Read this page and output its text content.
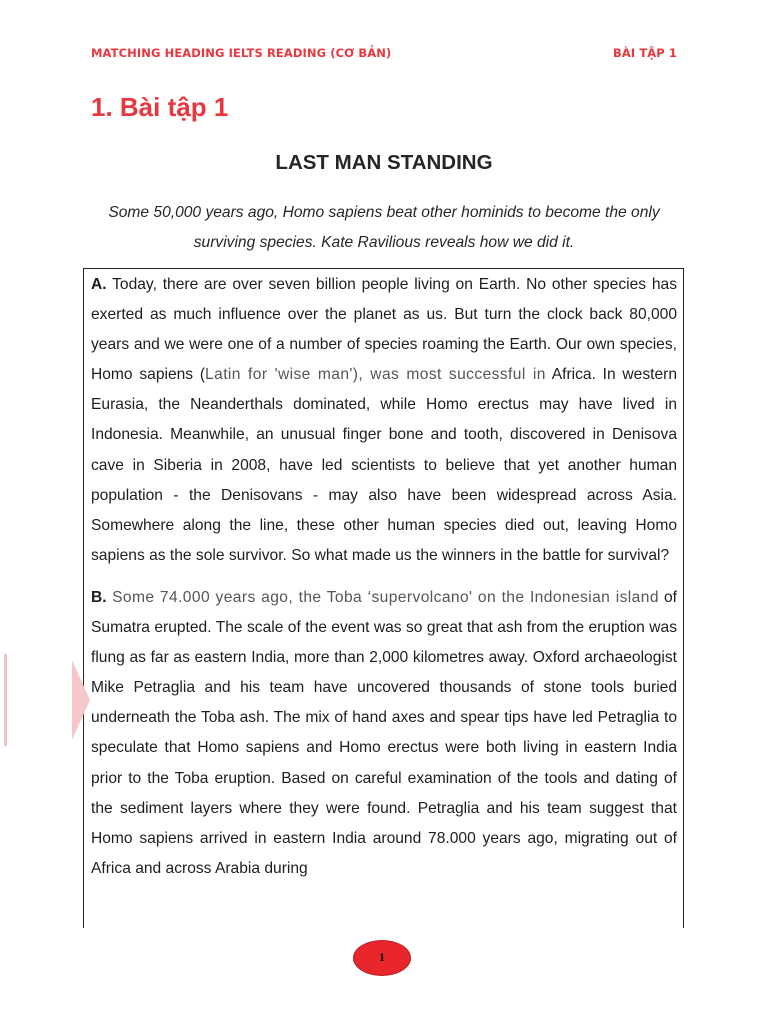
MATCHING HEADING IELTS READING (CƠ BẢN)	BÀI TẬP 1
1. Bài tập 1
LAST MAN STANDING

Some 50,000 years ago, Homo sapiens beat other hominids to become the only surviving species. Kate Ravilious reveals how we did it.

A. Today, there are over seven billion people living on Earth. No other species has exerted as much influence over the planet as us. But turn the clock back 80,000 years and we were one of a number of species roaming the Earth. Our own species, Homo sapiens (Latin for 'wise man'), was most successful in Africa. In western Eurasia, the Neanderthals dominated, while Homo erectus may have lived in Indonesia. Meanwhile, an unusual finger bone and tooth, discovered in Denisova cave in Siberia in 2008, have led scientists to believe that yet another human population - the Denisovans - may also have been widespread across Asia. Somewhere along the line, these other human species died out, leaving Homo sapiens as the sole survivor. So what made us the winners in the battle for survival?

B. Some 74.000 years ago, the Toba ‘supervolcano' on the Indonesian island of Sumatra erupted. The scale of the event was so great that ash from the eruption was flung as far as eastern India, more than 2,000 kilometres away. Oxford archaeologist Mike Petraglia and his team have uncovered thousands of stone tools buried underneath the Toba ash. The mix of hand axes and spear tips have led Petraglia to speculate that Homo sapiens and Homo erectus were both living in eastern India prior to the Toba eruption. Based on careful examination of the tools and dating of the sediment layers where they were found. Petraglia and his team suggest that Homo sapiens arrived in eastern India around 78.000 years ago, migrating out of Africa and across Arabia during

1
